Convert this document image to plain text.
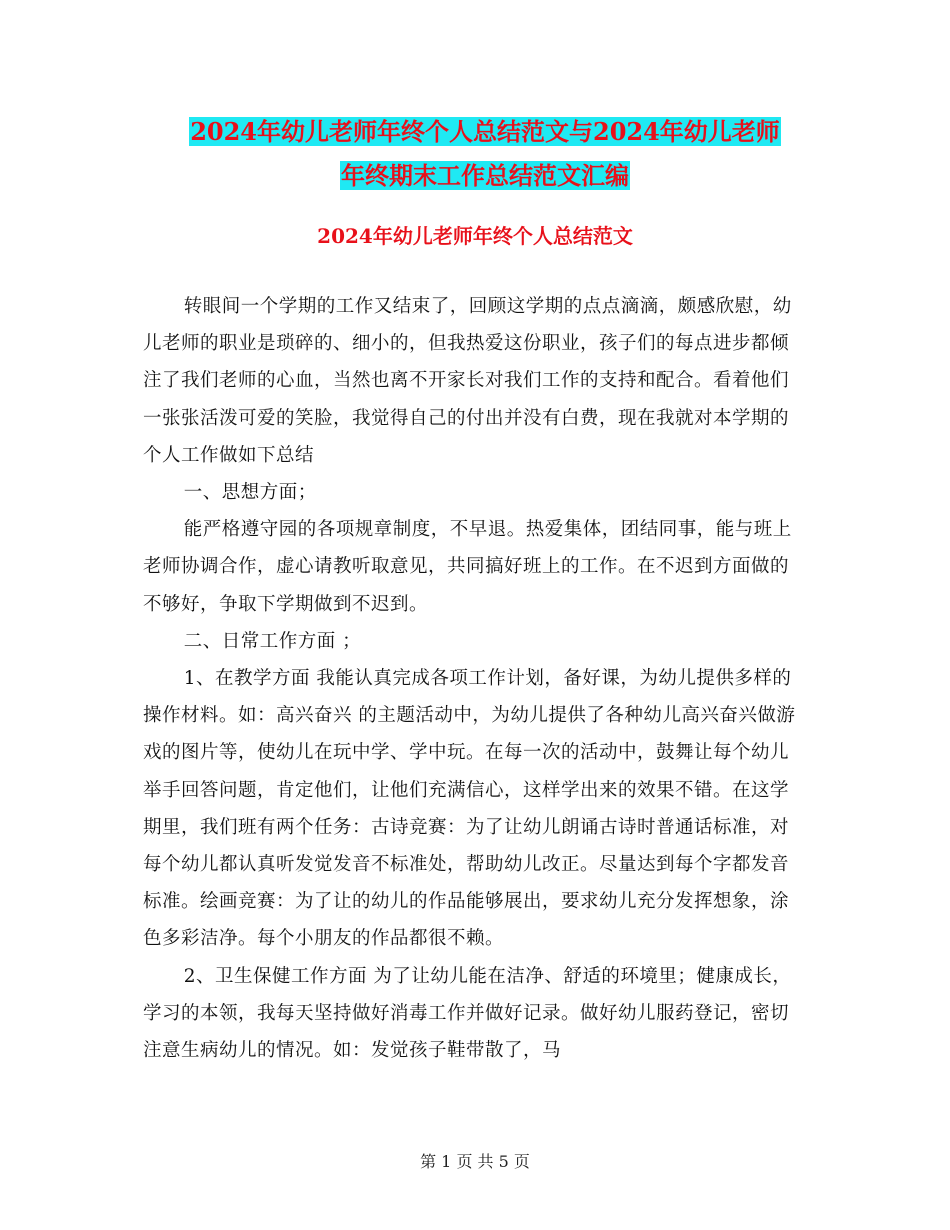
2024年幼儿老师年终个人总结范文与2024年幼儿老师
年终期末工作总结范文汇编
2024年幼儿老师年终个人总结范文

转眼间一个学期的工作又结束了，回顾这学期的点点滴滴，颇感欣慰，幼儿老师的职业是琐碎的、细小的，但我热爱这份职业，孩子们的每点进步都倾注了我们老师的心血，当然也离不开家长对我们工作的支持和配合。看着他们一张张活泼可爱的笑脸，我觉得自己的付出并没有白费，现在我就对本学期的个人工作做如下总结

一、思想方面；

能严格遵守园的各项规章制度，不早退。热爱集体，团结同事，能与班上老师协调合作，虚心请教听取意见，共同搞好班上的工作。在不迟到方面做的不够好，争取下学期做到不迟到。

二、日常工作方面 ；

1、在教学方面 我能认真完成各项工作计划，备好课，为幼儿提供多样的操作材料。如：高兴奋兴 的主题活动中，为幼儿提供了各种幼儿高兴奋兴做游戏的图片等，使幼儿在玩中学、学中玩。在每一次的活动中，鼓舞让每个幼儿举手回答问题，肯定他们，让他们充满信心，这样学出来的效果不错。在这学期里，我们班有两个任务：古诗竞赛：为了让幼儿朗诵古诗时普通话标准，对每个幼儿都认真听发觉发音不标准处，帮助幼儿改正。尽量达到每个字都发音标准。绘画竞赛：为了让的幼儿的作品能够展出，要求幼儿充分发挥想象，涂色多彩洁净。每个小朋友的作品都很不赖。

2、卫生保健工作方面 为了让幼儿能在洁净、舒适的环境里；健康成长，学习的本领，我每天坚持做好消毒工作并做好记录。做好幼儿服药登记，密切注意生病幼儿的情况。如：发觉孩子鞋带散了，马

第 1 页 共 5 页
